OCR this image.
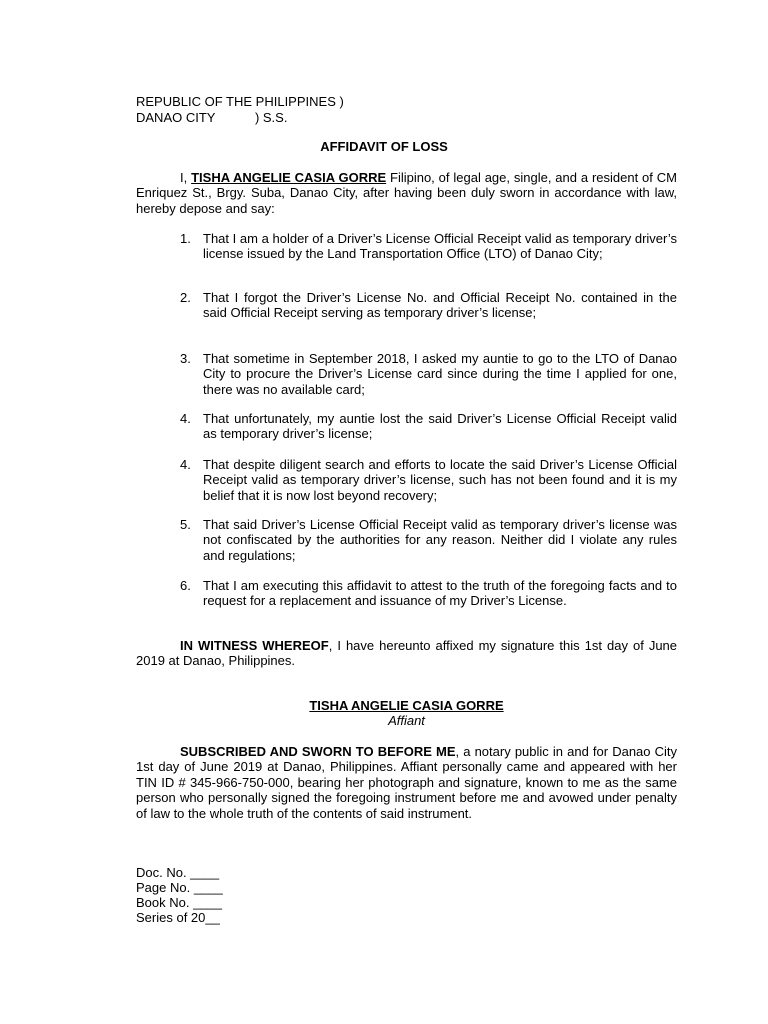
REPUBLIC OF THE PHILIPPINES )
DANAO CITY           ) S.S.
AFFIDAVIT OF LOSS
I, TISHA ANGELIE CASIA GORRE Filipino, of legal age, single, and a resident of CM Enriquez St., Brgy. Suba, Danao City, after having been duly sworn in accordance with law, hereby depose and say:
1. That I am a holder of a Driver’s License Official Receipt valid as temporary driver’s license issued by the Land Transportation Office (LTO) of Danao City;
2. That I forgot the Driver’s License No. and Official Receipt No. contained in the said Official Receipt serving as temporary driver’s license;
3. That sometime in September 2018, I asked my auntie to go to the LTO of Danao City to procure the Driver’s License card since during the time I applied for one, there was no available card;
4. That unfortunately, my auntie lost the said Driver’s License Official Receipt valid as temporary driver’s license;
4. That despite diligent search and efforts to locate the said Driver’s License Official Receipt valid as temporary driver’s license, such has not been found and it is my belief that it is now lost beyond recovery;
5. That said Driver’s License Official Receipt valid as temporary driver’s license was not confiscated by the authorities for any reason. Neither did I violate any rules and regulations;
6. That I am executing this affidavit to attest to the truth of the foregoing facts and to request for a replacement and issuance of my Driver’s License.
IN WITNESS WHEREOF, I have hereunto affixed my signature this 1st day of June 2019 at Danao, Philippines.
TISHA ANGELIE CASIA GORRE
Affiant
SUBSCRIBED AND SWORN TO BEFORE ME, a notary public in and for Danao City 1st day of June 2019 at Danao, Philippines. Affiant personally came and appeared with her TIN ID # 345-966-750-000, bearing her photograph and signature, known to me as the same person who personally signed the foregoing instrument before me and avowed under penalty of law to the whole truth of the contents of said instrument.
Doc. No. ____
Page No. ____
Book No. ____
Series of 20__
